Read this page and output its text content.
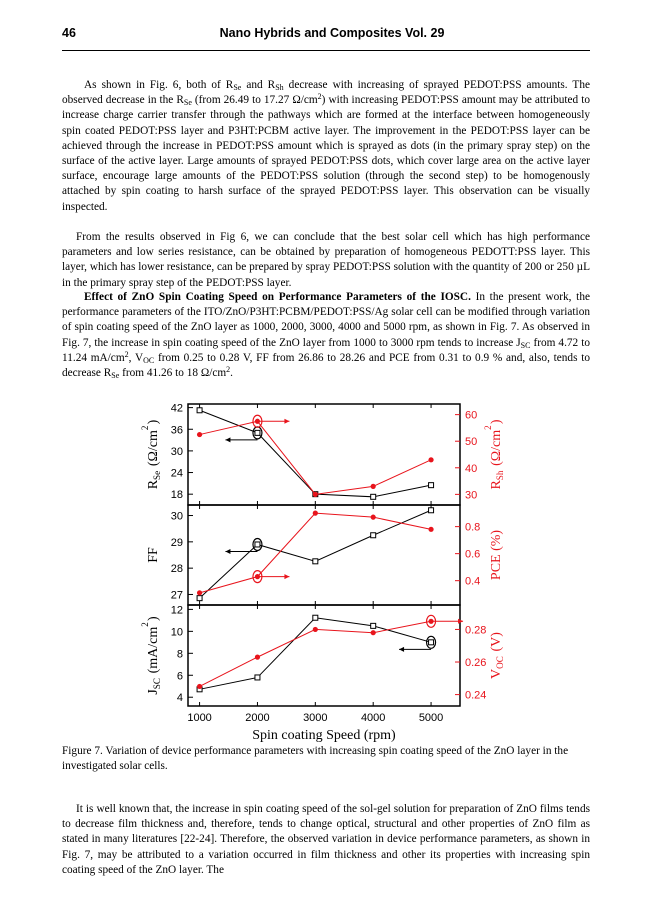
46	Nano Hybrids and Composites Vol. 29

As shown in Fig. 6, both of $R_{Se}$ and $R_{Sh}$ decrease with increasing of sprayed PEDOT:PSS amounts. The observed decrease in the $R_{Se}$ (from 26.49 to 17.27 $\Omega/cm^2$) with increasing PEDOT:PSS amount may be attributed to increase charge carrier transfer through the pathways which are formed at the interface between homogeneously spin coated PEDOT:PSS layer and P3HT:PCBM active layer. The improvement in the PEDOT:PSS layer can be achieved through the increase in PEDOT:PSS amount which is sprayed as dots (in the primary spray step) on the surface of the active layer. Large amounts of sprayed PEDOT:PSS dots, which cover large area on the active layer surface, encourage large amounts of the PEDOT:PSS solution (through the second step) to be homogenously attached by spin coating to harsh surface of the sprayed PEDOT:PSS layer. This observation can be visually inspected.

From the results observed in Fig 6, we can conclude that the best solar cell which has high performance parameters and low series resistance, can be obtained by preparation of homogeneous PEDOTT:PSS layer. This layer, which has lower resistance, can be prepared by spray PEDOT:PSS solution with the quantity of 200 or 250 µL in the primary spray step of the PEDOT:PSS layer.

Effect of ZnO Spin Coating Speed on Performance Parameters of the IOSC. In the present work, the performance parameters of the ITO/ZnO/P3HT:PCBM/PEDOT:PSS/Ag solar cell can be modified through variation of spin coating speed of the ZnO layer as 1000, 2000, 3000, 4000 and 5000 rpm, as shown in Fig. 7. As observed in Fig. 7, the increase in spin coating speed of the ZnO layer from 1000 to 3000 rpm tends to increase $J_{SC}$ from 4.72 to 11.24 $mA/cm^2$, $V_{OC}$ from 0.25 to 0.28 V, FF from 26.86 to 28.26 and PCE from 0.31 to 0.9 % and, also, tends to decrease $R_{Se}$ from 41.26 to 18 $\Omega/cm^2$.

18
24
30
36
42
30
40
50
60
$R_{Se}$  ($\Omega/cm^2$ )
$R_{Sh}$  ($\Omega/cm^2$ )
27
28
29
30
0.4
0.6
0.8
FF	PCE (%)
4
6
8
10
12
0.24
0.26
0.28
$J_{SC}$  ($mA/cm^2$ )
$V_{OC}$  (V)
1000	2000	3000	4000	5000
Spin coating Speed (rpm)
Figure 7. Variation of device performance parameters with increasing spin coating speed of the ZnO layer in the investigated solar cells.

It is well known that, the increase in spin coating speed of the sol-gel solution for preparation of ZnO films tends to decrease film thickness and, therefore, tends to change optical, structural and other properties of ZnO film as stated in many literatures [22-24]. Therefore, the observed variation in device performance parameters, as shown in Fig. 7, may be attributed to a variation occurred in film thickness and other its properties with increasing spin coating speed of the ZnO layer. The
